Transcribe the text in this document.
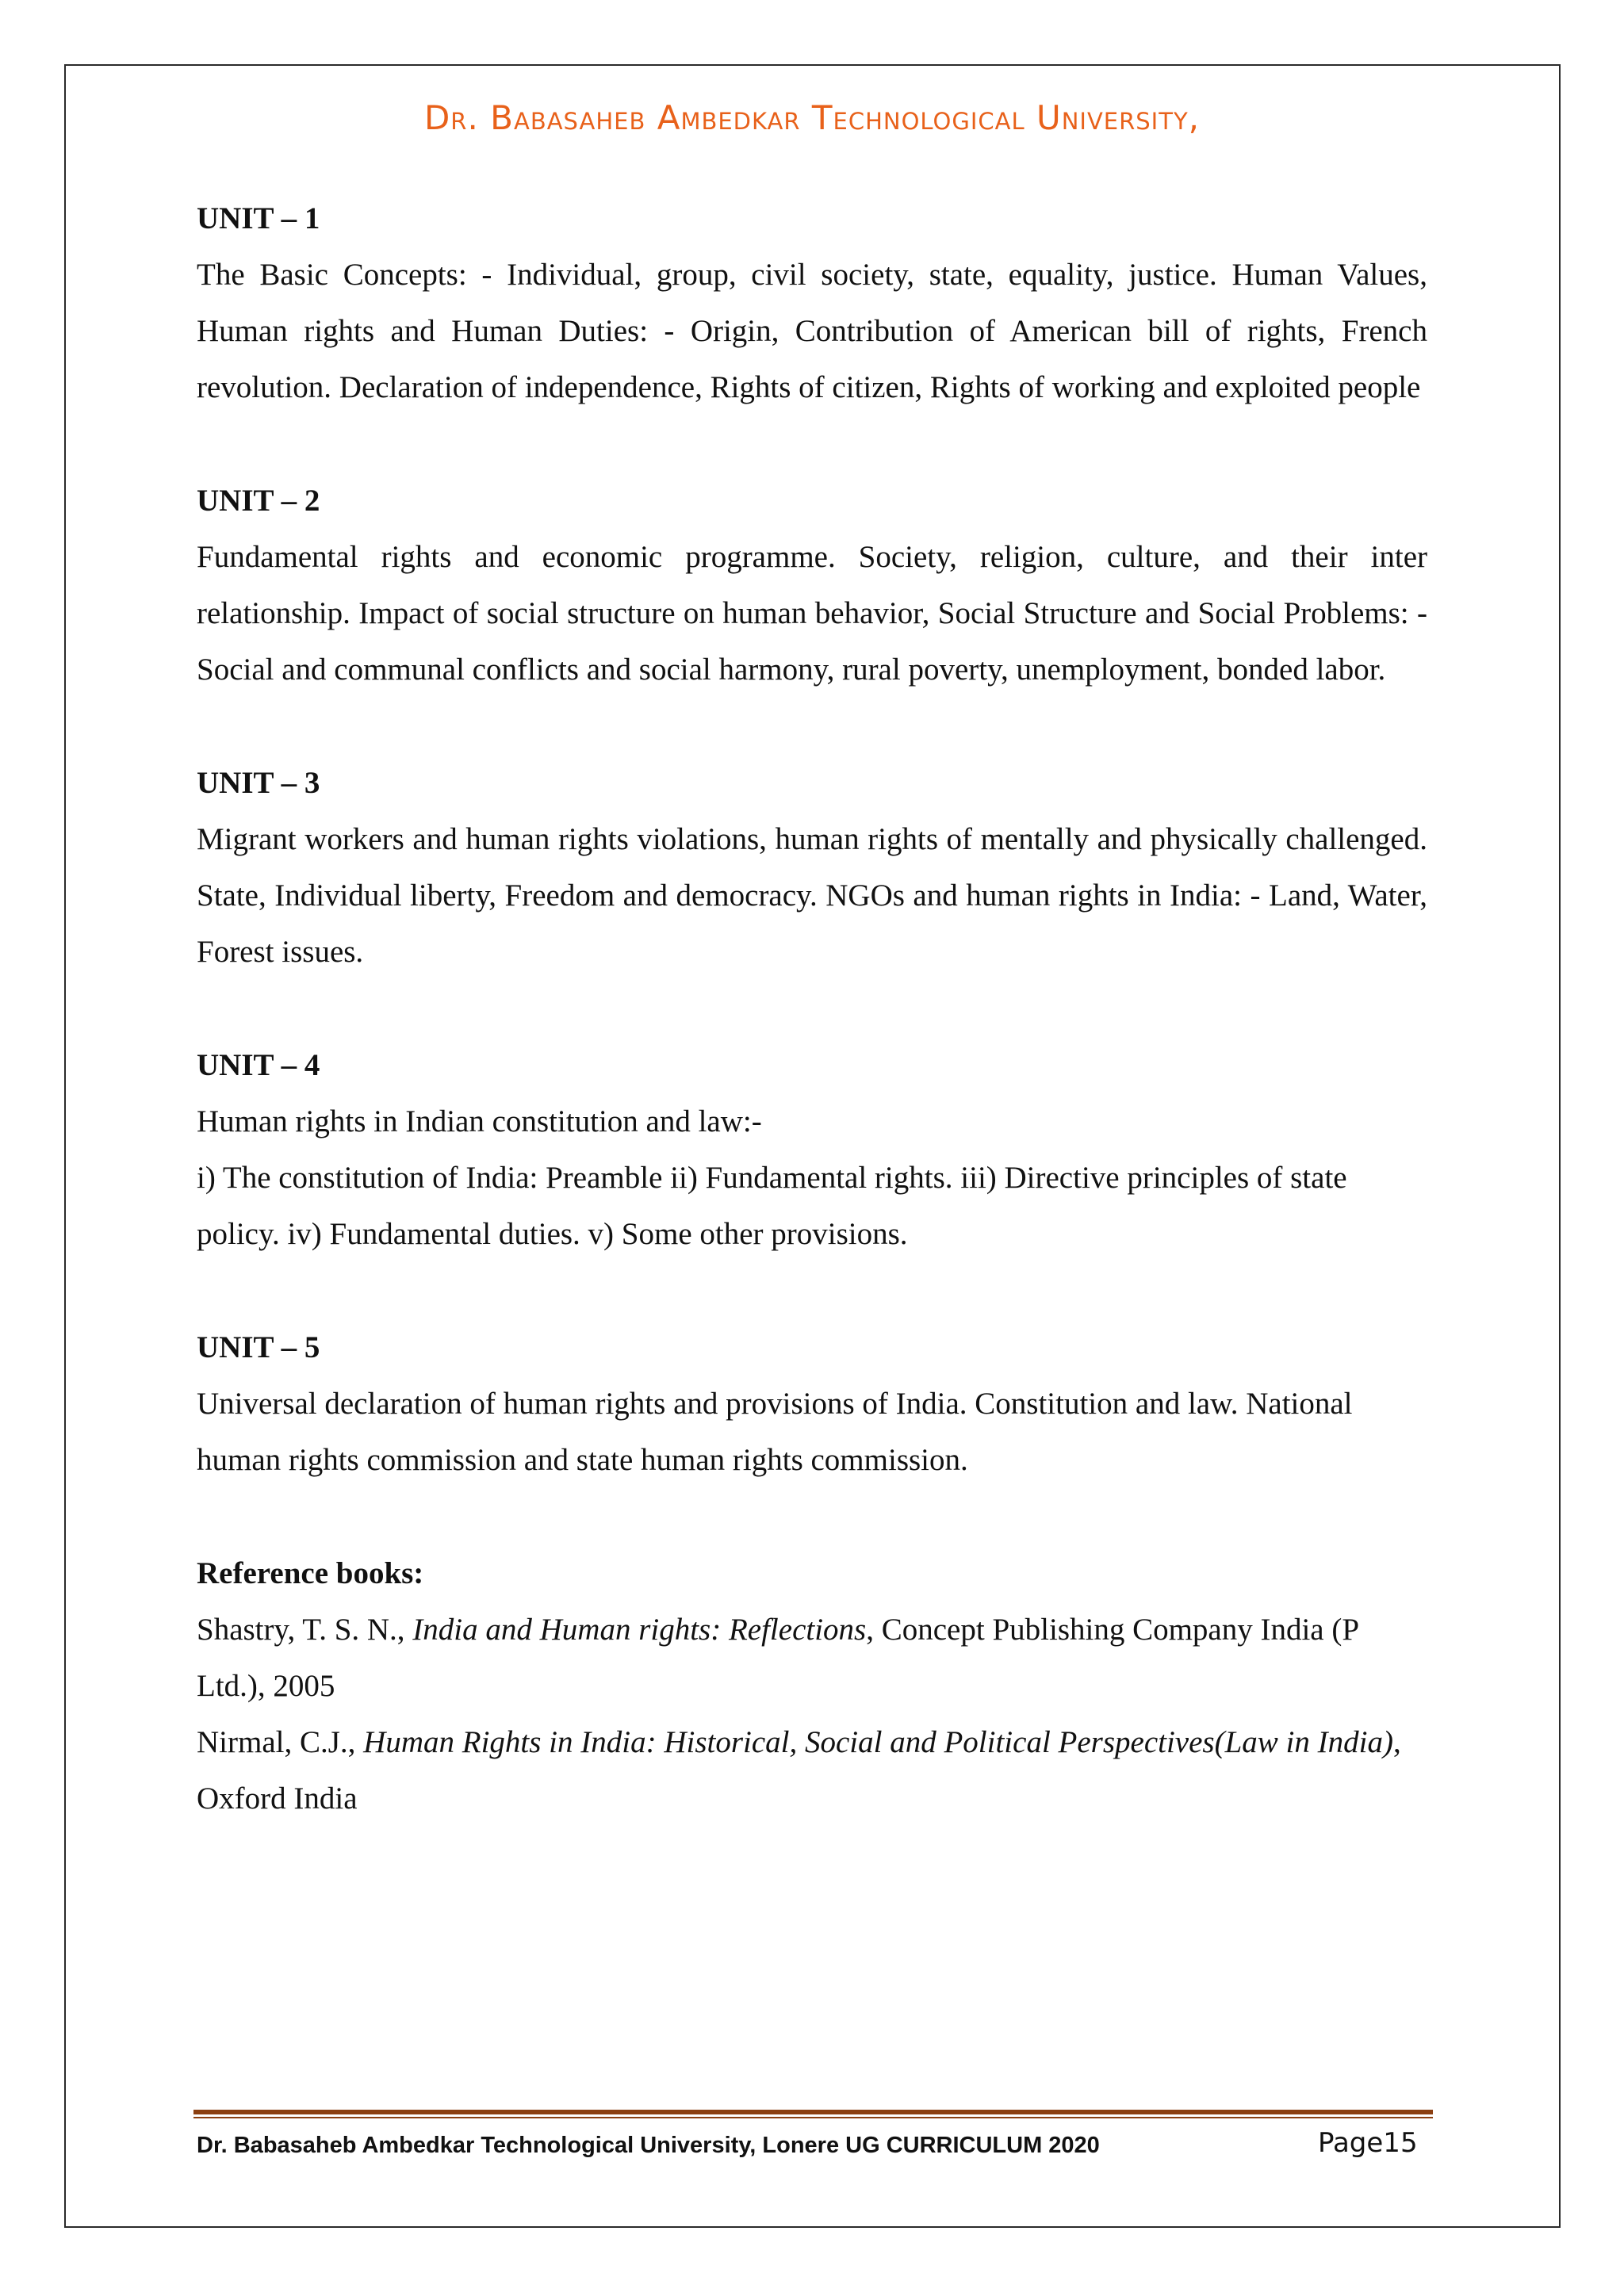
Dr. Babasaheb Ambedkar Technological University,

UNIT – 1

The Basic Concepts: - Individual, group, civil society, state, equality, justice. Human Values, Human rights and Human Duties: - Origin, Contribution of American bill of rights, French revolution. Declaration of independence, Rights of citizen, Rights of working and exploited people

UNIT – 2

Fundamental rights and economic programme. Society, religion, culture, and their inter relationship. Impact of social structure on human behavior, Social Structure and Social Problems: - Social and communal conflicts and social harmony, rural poverty, unemployment, bonded labor.

UNIT – 3

Migrant workers and human rights violations, human rights of mentally and physically challenged. State, Individual liberty, Freedom and democracy. NGOs and human rights in India: - Land, Water, Forest issues.

UNIT – 4

Human rights in Indian constitution and law:-

i) The constitution of India: Preamble ii) Fundamental rights. iii) Directive principles of state policy. iv) Fundamental duties. v) Some other provisions.

UNIT – 5

Universal declaration of human rights and provisions of India. Constitution and law. National human rights commission and state human rights commission.

Reference books:

Shastry, T. S. N., India and Human rights: Reflections, Concept Publishing Company India (P Ltd.), 2005

Nirmal, C.J., Human Rights in India: Historical, Social and Political Perspectives(Law in India), Oxford India

Dr. Babasaheb Ambedkar Technological University, Lonere UG CURRICULUM 2020	Page15
